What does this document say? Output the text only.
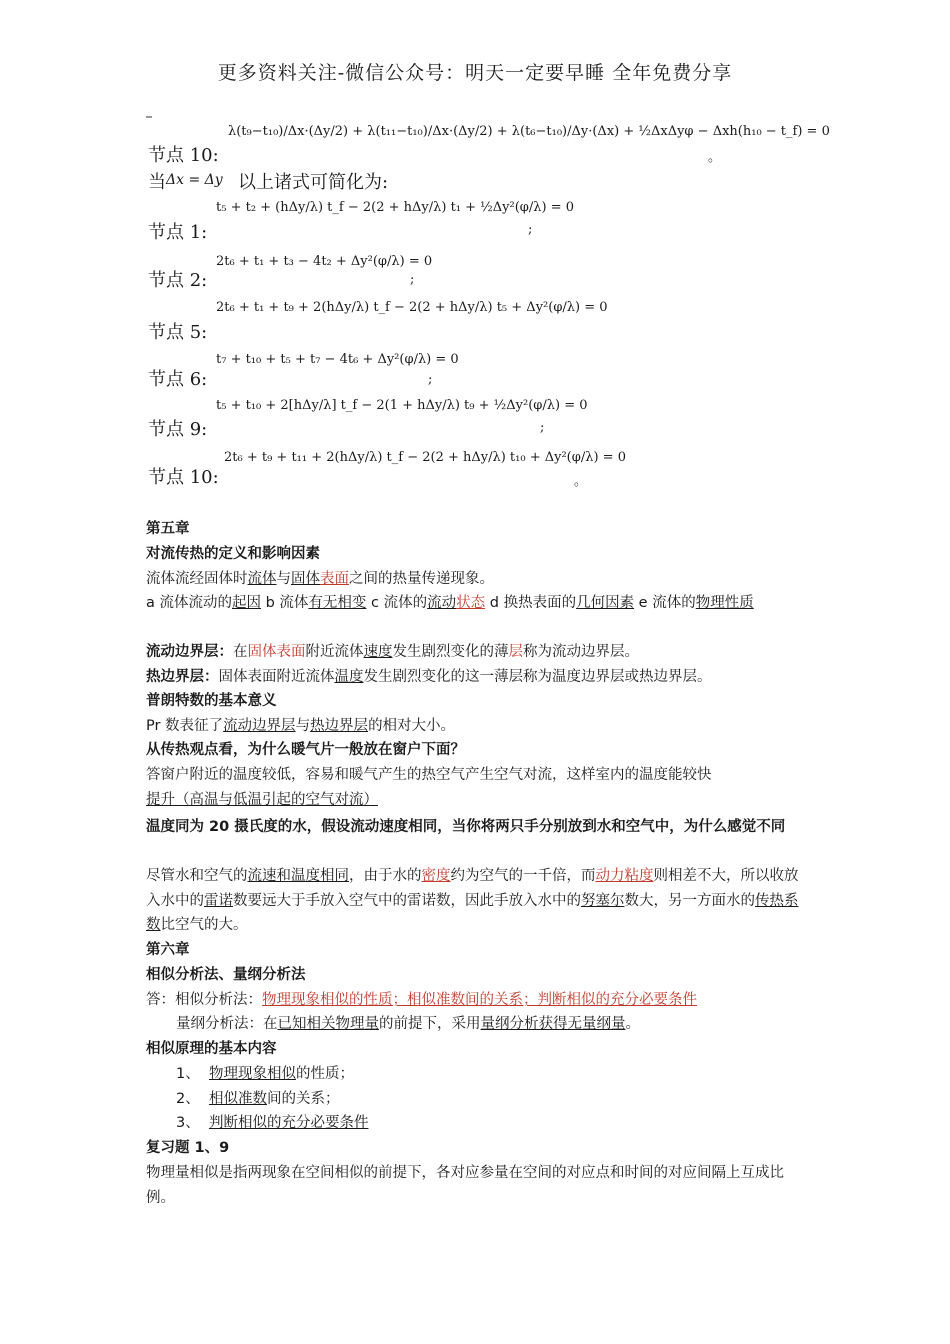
更多资料关注-微信公众号：明天一定要早睡 全年免费分享
节点 10:
λ(t₉−t₁₀)/Δx·(Δy/2) + λ(t₁₁−t₁₀)/Δx·(Δy/2) + λ(t₆−t₁₀)/Δy·(Δx) + ½ΔxΔyφ − Δxh(h₁₀ − t_f) = 0
。
当 Δx = Δy 以上诸式可简化为:
节点 1:
t₅ + t₂ + (hΔy/λ) t_f − 2(2 + hΔy/λ) t₁ + ½Δy²(φ/λ) = 0
;
节点 2:
2t₆ + t₁ + t₃ − 4t₂ + Δy²(φ/λ) = 0
;
节点 5:
2t₆ + t₁ + t₉ + 2(hΔy/λ) t_f − 2(2 + hΔy/λ) t₅ + Δy²(φ/λ) = 0
节点 6:
t₇ + t₁₀ + t₅ + t₇ − 4t₆ + Δy²(φ/λ) = 0
;
节点 9:
t₅ + t₁₀ + 2[hΔy/λ] t_f − 2(1 + hΔy/λ) t₉ + ½Δy²(φ/λ) = 0
;
节点 10:
2t₆ + t₉ + t₁₁ + 2(hΔy/λ) t_f − 2(2 + hΔy/λ) t₁₀ + Δy²(φ/λ) = 0
。
第五章
对流传热的定义和影响因素
流体流经固体时流体与固体表面之间的热量传递现象。
a 流体流动的起因 b 流体有无相变 c 流体的流动状态 d 换热表面的几何因素 e 流体的物理性质
流动边界层：在固体表面附近流体速度发生剧烈变化的薄层称为流动边界层。
热边界层：固体表面附近流体温度发生剧烈变化的这一薄层称为温度边界层或热边界层。
普朗特数的基本意义
Pr 数表征了流动边界层与热边界层的相对大小。
从传热观点看，为什么暖气片一般放在窗户下面？
答窗户附近的温度较低，容易和暖气产生的热空气产生空气对流，这样室内的温度能较快
提升（高温与低温引起的空气对流）
温度同为 20 摄氏度的水，假设流动速度相同，当你将两只手分别放到水和空气中，为什么感觉不同
尽管水和空气的流速和温度相同，由于水的密度约为空气的一千倍，而动力粘度则相差不大，所以收放入水中的雷诺数要远大于手放入空气中的雷诺数，因此手放入水中的努塞尔数大，另一方面水的传热系数比空气的大。
第六章
相似分析法、量纲分析法
答：相似分析法：物理现象相似的性质；相似准数间的关系；判断相似的充分必要条件
量纲分析法：在已知相关物理量的前提下，采用量纲分析获得无量纲量。
相似原理的基本内容
1、 物理现象相似的性质；
2、 相似准数间的关系；
3、 判断相似的充分必要条件
复习题 1、9
物理量相似是指两现象在空间相似的前提下，各对应参量在空间的对应点和时间的对应间隔上互成比例。
